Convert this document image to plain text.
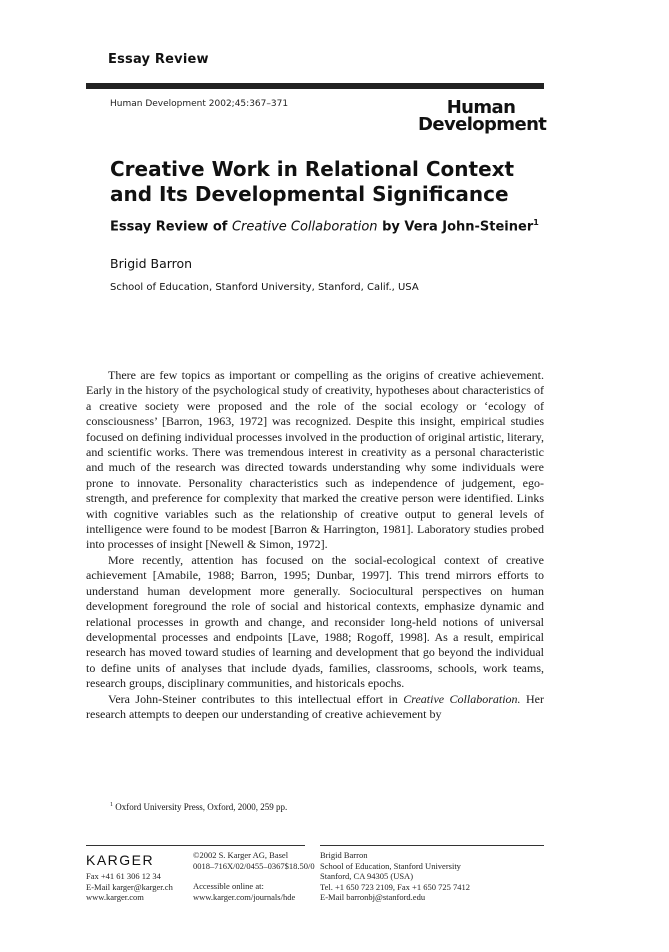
Essay Review
Human Development 2002;45:367–371	Human
Development
Creative Work in Relational Context and Its Developmental Significance
Essay Review of Creative Collaboration by Vera John-Steiner$^1$
Brigid Barron
School of Education, Stanford University, Stanford, Calif., USA

There are few topics as important or compelling as the origins of creative achievement. Early in the history of the psychological study of creativity, hypotheses about characteristics of a creative society were proposed and the role of the social ecology or ‘ecology of consciousness’ [Barron, 1963, 1972] was recognized. Despite this insight, empirical studies focused on defining individual processes involved in the production of original artistic, literary, and scientific works. There was tremendous interest in creativity as a personal characteristic and much of the research was directed towards understanding why some individuals were prone to innovate. Personality characteristics such as independence of judgement, ego-strength, and preference for complexity that marked the creative person were identified. Links with cognitive variables such as the relationship of creative output to general levels of intelligence were found to be modest [Barron & Harrington, 1981]. Laboratory studies probed into processes of insight [Newell & Simon, 1972].

More recently, attention has focused on the social-ecological context of creative achievement [Amabile, 1988; Barron, 1995; Dunbar, 1997]. This trend mirrors efforts to understand human development more generally. Sociocultural perspectives on human development foreground the role of social and historical contexts, emphasize dynamic and relational processes in growth and change, and reconsider long-held notions of universal developmental processes and endpoints [Lave, 1988; Rogoff, 1998]. As a result, empirical research has moved toward studies of learning and development that go beyond the individual to define units of analyses that include dyads, families, classrooms, schools, work teams, research groups, disciplinary communities, and historicals epochs.

Vera John-Steiner contributes to this intellectual effort in Creative Collaboration. Her research attempts to deepen our understanding of creative achievement by

$^1$ Oxford University Press, Oxford, 2000, 259 pp.
KARGER
Fax +41 61 306 12 34
E-Mail karger@karger.ch
www.karger.com
©2002 S. Karger AG, Basel
0018–716X/02/0455–0367$18.50/0
Accessible online at:
www.karger.com/journals/hde
Brigid Barron
School of Education, Stanford University
Stanford, CA 94305 (USA)
Tel. +1 650 723 2109, Fax +1 650 725 7412
E-Mail barronbj@stanford.edu
